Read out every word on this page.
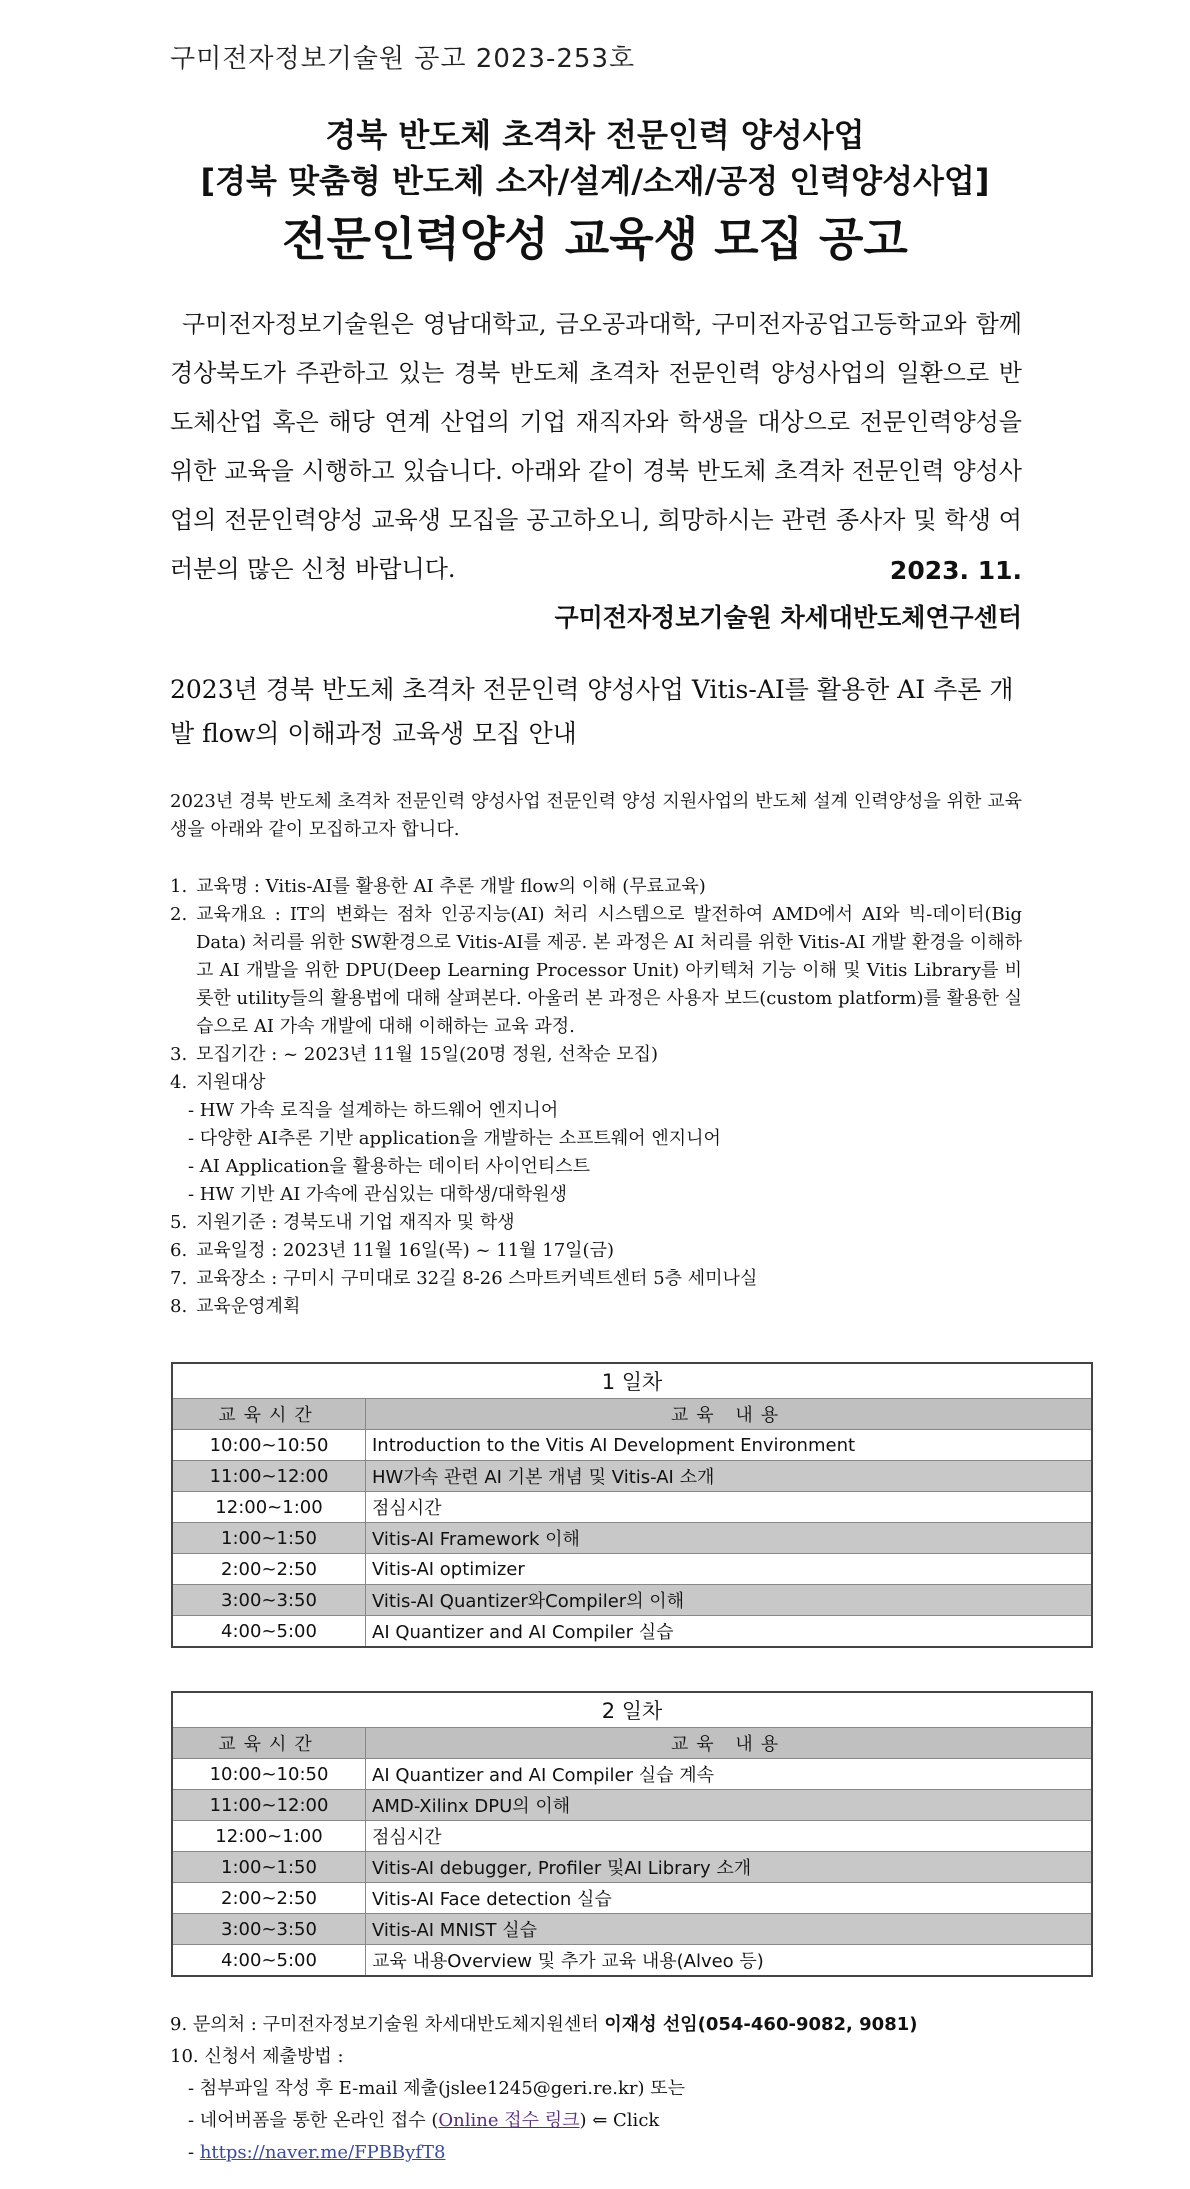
구미전자정보기술원 공고 2023-253호
경북 반도체 초격차 전문인력 양성사업
[경북 맞춤형 반도체 소자/설계/소재/공정 인력양성사업]
전문인력양성 교육생 모집 공고
구미전자정보기술원은 영남대학교, 금오공과대학, 구미전자공업고등학교와 함께 경상북도가 주관하고 있는 경북 반도체 초격차 전문인력 양성사업의 일환으로 반도체산업 혹은 해당 연계 산업의 기업 재직자와 학생을 대상으로 전문인력양성을 위한 교육을 시행하고 있습니다. 아래와 같이 경북 반도체 초격차 전문인력 양성사업의 전문인력양성 교육생 모집을 공고하오니, 희망하시는 관련 종사자 및 학생 여러분의 많은 신청 바랍니다.	2023. 11.
구미전자정보기술원 차세대반도체연구센터
2023년 경북 반도체 초격차 전문인력 양성사업 Vitis-AI를 활용한 AI 추론 개발 flow의 이해과정 교육생 모집 안내
2023년 경북 반도체 초격차 전문인력 양성사업 전문인력 양성 지원사업의 반도체 설계 인력양성을 위한 교육생을 아래와 같이 모집하고자 합니다.
1. 교육명 : Vitis-AI를 활용한 AI 추론 개발 flow의 이해 (무료교육)
2. 교육개요 : IT의 변화는 점차 인공지능(AI) 처리 시스템으로 발전하여 AMD에서 AI와 빅-데이터(Big Data) 처리를 위한 SW환경으로 Vitis-AI를 제공. 본 과정은 AI 처리를 위한 Vitis-AI 개발 환경을 이해하고 AI 개발을 위한 DPU(Deep Learning Processor Unit) 아키텍처 기능 이해 및 Vitis Library를 비롯한 utility들의 활용법에 대해 살펴본다. 아울러 본 과정은 사용자 보드(custom platform)를 활용한 실습으로 AI 가속 개발에 대해 이해하는 교육 과정.
3. 모집기간 : ~ 2023년 11월 15일(20명 정원, 선착순 모집)
4. 지원대상
- HW 가속 로직을 설계하는 하드웨어 엔지니어
- 다양한 AI추론 기반 application을 개발하는 소프트웨어 엔지니어
- AI Application을 활용하는 데이터 사이언티스트
- HW 기반 AI 가속에 관심있는 대학생/대학원생
5. 지원기준 : 경북도내 기업 재직자 및 학생
6. 교육일정 : 2023년 11월 16일(목) ~ 11월 17일(금)
7. 교육장소 : 구미시 구미대로 32길 8-26 스마트커넥트센터 5층 세미나실
8. 교육운영계획
1 일차	
교육시간	교육 내용
10:00~10:50	Introduction to the Vitis AI Development Environment
11:00~12:00	HW가속 관련 AI 기본 개념 및 Vitis-AI 소개
12:00~1:00	점심시간
1:00~1:50	Vitis-AI Framework 이해
2:00~2:50	Vitis-AI optimizer
3:00~3:50	Vitis-AI Quantizer와Compiler의 이해
4:00~5:00	AI Quantizer and AI Compiler 실습
2 일차	
교육시간	교육 내용
10:00~10:50	AI Quantizer and AI Compiler 실습 계속
11:00~12:00	AMD-Xilinx DPU의 이해
12:00~1:00	점심시간
1:00~1:50	Vitis-AI debugger, Profiler 및AI Library 소개
2:00~2:50	Vitis-AI Face detection 실습
3:00~3:50	Vitis-AI MNIST 실습
4:00~5:00	교육 내용Overview 및 추가 교육 내용(Alveo 등)
9. 문의처 : 구미전자정보기술원 차세대반도체지원센터 이재성 선임(054-460-9082, 9081)
10. 신청서 제출방법 :
- 첨부파일 작성 후 E-mail 제출(jslee1245@geri.re.kr) 또는
- 네어버폼을 통한 온라인 접수 (Online 접수 링크) ⇐ Click
- https://naver.me/FPBByfT8
